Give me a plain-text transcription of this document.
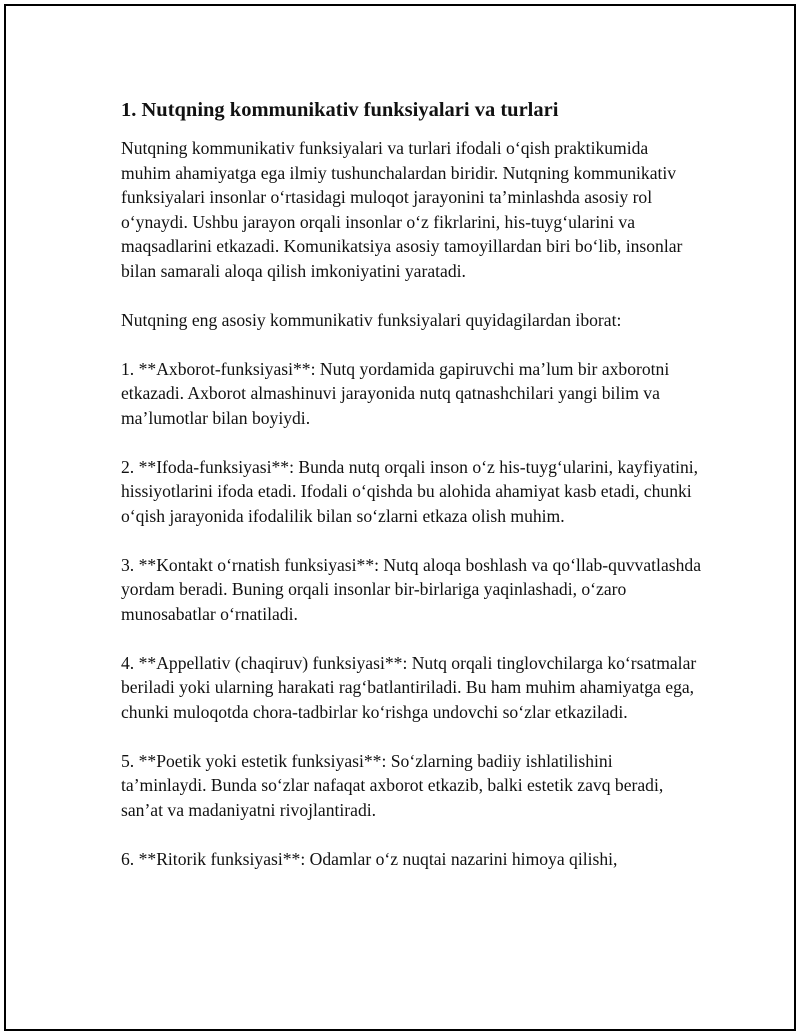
1. Nutqning kommunikativ funksiyalari va turlari

Nutqning kommunikativ funksiyalari va turlari ifodali o‘qish praktikumida muhim ahamiyatga ega ilmiy tushunchalardan biridir. Nutqning kommunikativ funksiyalari insonlar o‘rtasidagi muloqot jarayonini ta’minlashda asosiy rol o‘ynaydi. Ushbu jarayon orqali insonlar o‘z fikrlarini, his-tuyg‘ularini va maqsadlarini etkazadi. Komunikatsiya asosiy tamoyillardan biri bo‘lib, insonlar bilan samarali aloqa qilish imkoniyatini yaratadi.

Nutqning eng asosiy kommunikativ funksiyalari quyidagilardan iborat:

1. **Axborot-funksiyasi**: Nutq yordamida gapiruvchi ma’lum bir axborotni etkazadi. Axborot almashinuvi jarayonida nutq qatnashchilari yangi bilim va ma’lumotlar bilan boyiydi.

2. **Ifoda-funksiyasi**: Bunda nutq orqali inson o‘z his-tuyg‘ularini, kayfiyatini, hissiyotlarini ifoda etadi. Ifodali o‘qishda bu alohida ahamiyat kasb etadi, chunki o‘qish jarayonida ifodalilik bilan so‘zlarni etkaza olish muhim.

3. **Kontakt o‘rnatish funksiyasi**: Nutq aloqa boshlash va qo‘llab-quvvatlashda yordam beradi. Buning orqali insonlar bir-birlariga yaqinlashadi, o‘zaro munosabatlar o‘rnatiladi.

4. **Appellativ (chaqiruv) funksiyasi**: Nutq orqali tinglovchilarga ko‘rsatmalar beriladi yoki ularning harakati rag‘batlantiriladi. Bu ham muhim ahamiyatga ega, chunki muloqotda chora-tadbirlar ko‘rishga undovchi so‘zlar etkaziladi.

5. **Poetik yoki estetik funksiyasi**: So‘zlarning badiiy ishlatilishini ta’minlaydi. Bunda so‘zlar nafaqat axborot etkazib, balki estetik zavq beradi, san’at va madaniyatni rivojlantiradi.

6. **Ritorik funksiyasi**: Odamlar o‘z nuqtai nazarini himoya qilishi,
